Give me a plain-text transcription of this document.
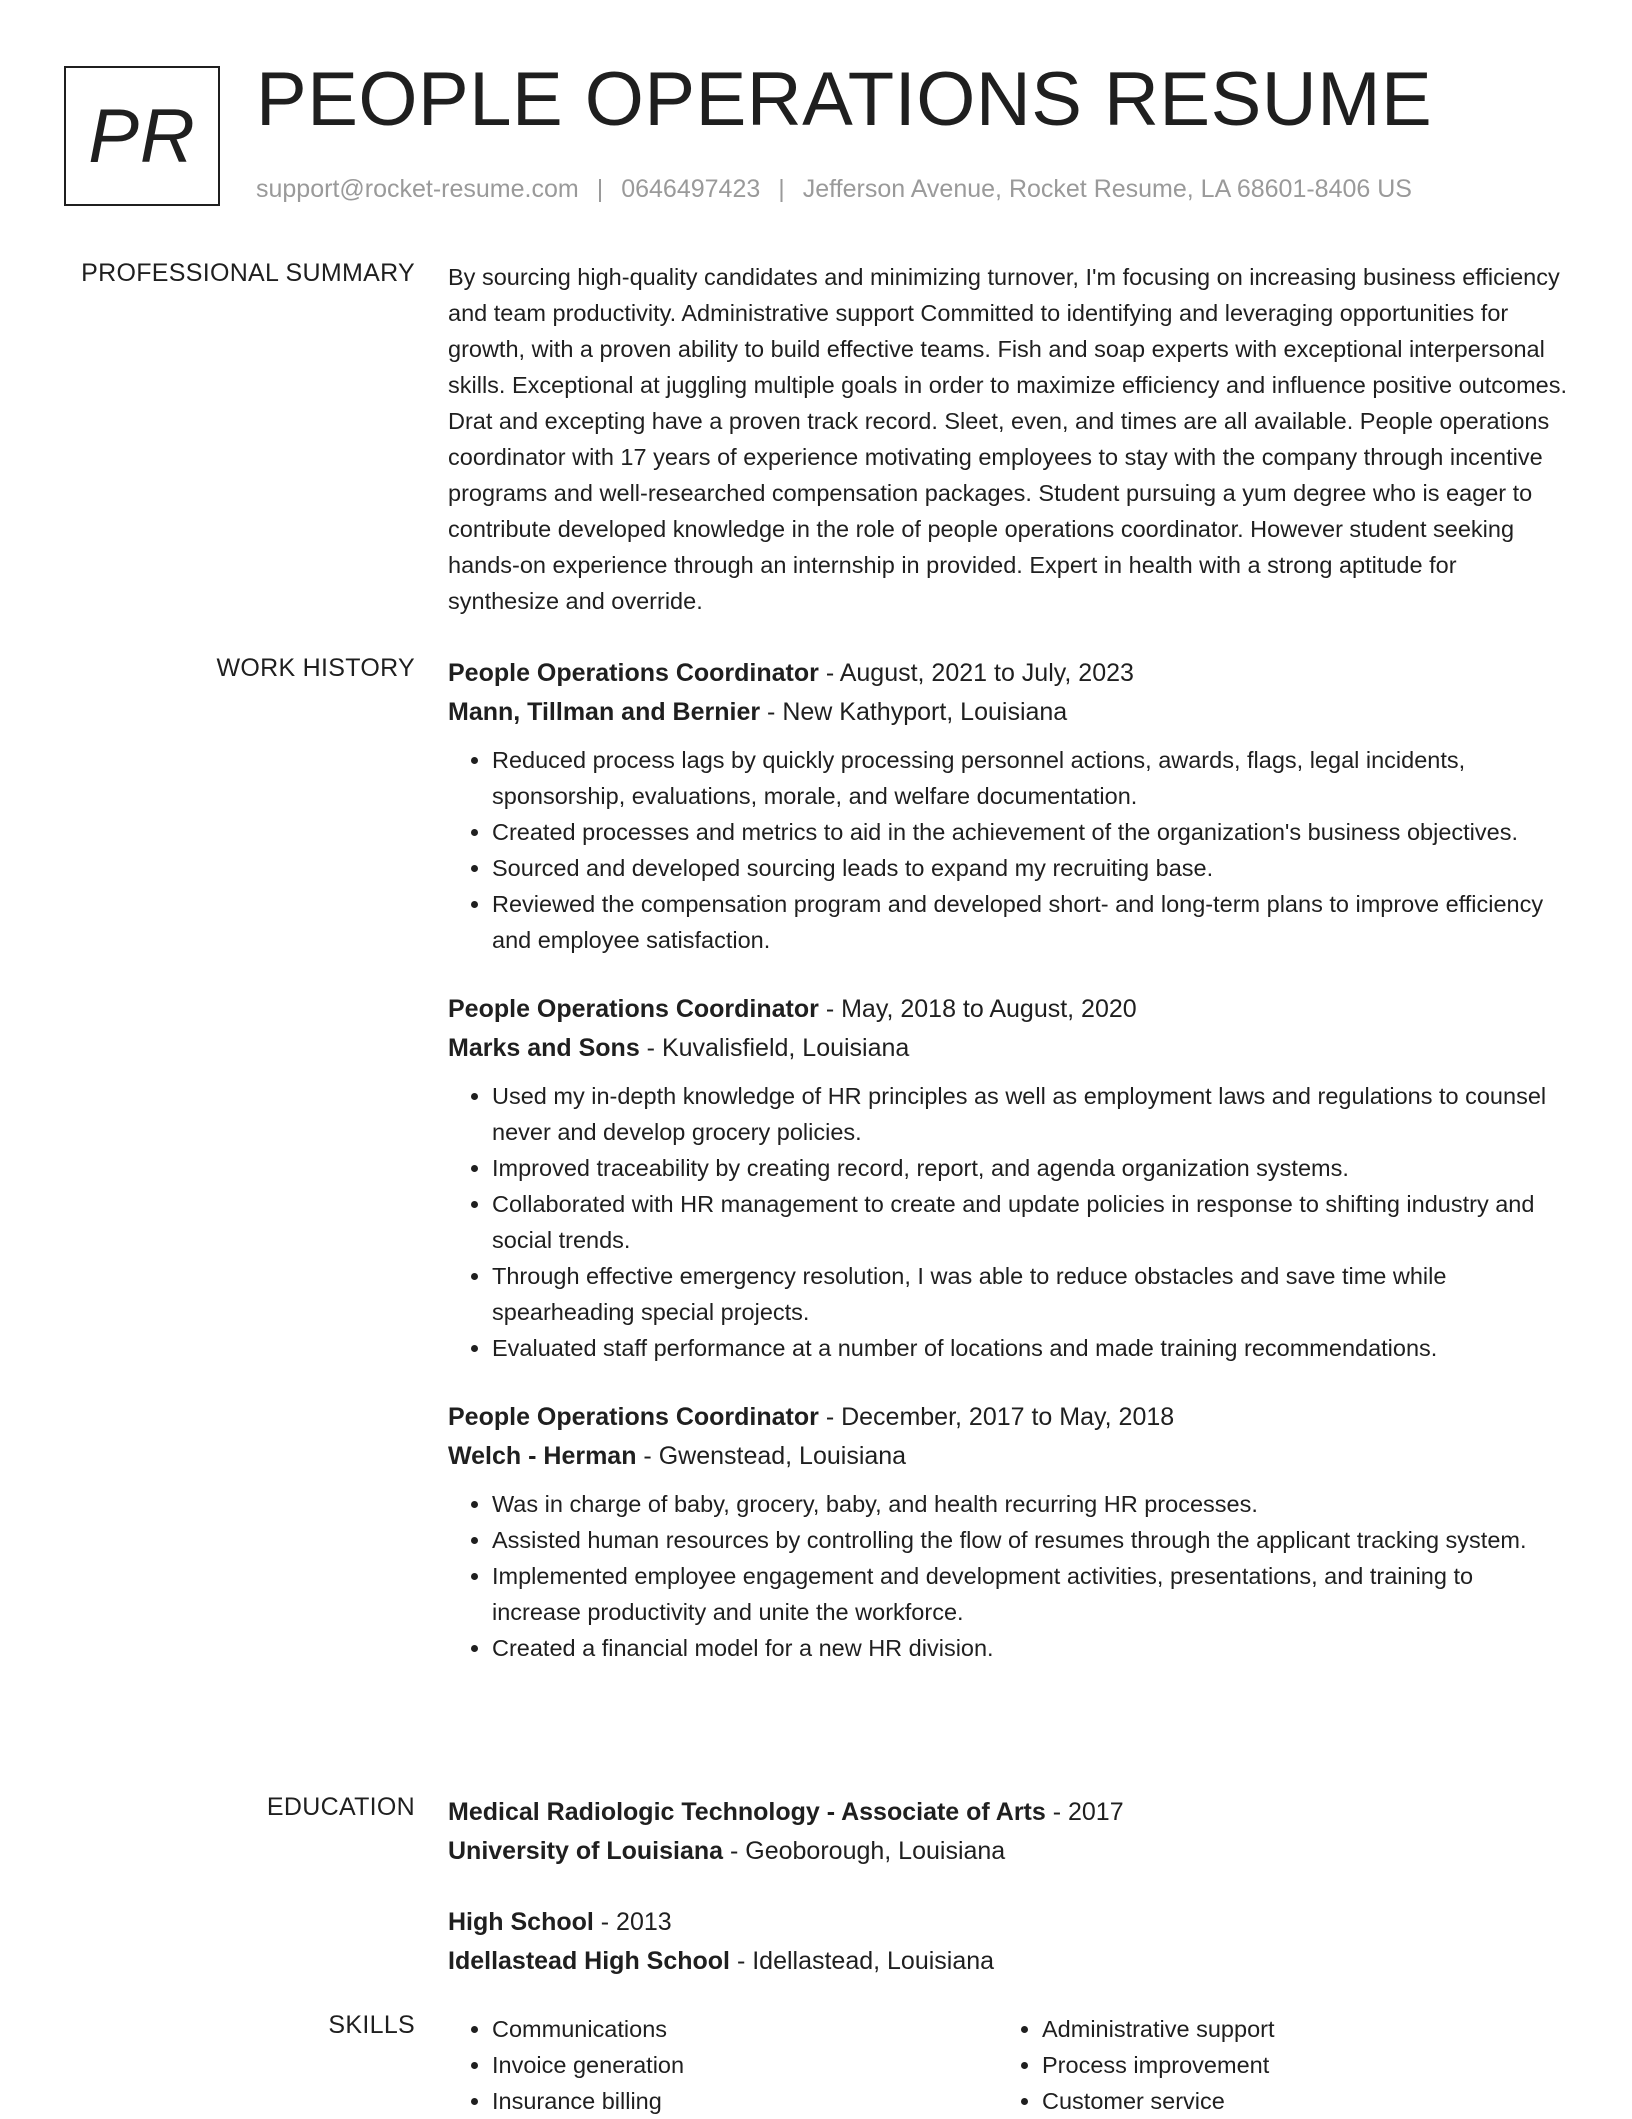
PR PEOPLE OPERATIONS RESUME
support@rocket-resume.com | 0646497423 | Jefferson Avenue, Rocket Resume, LA 68601-8406 US
PROFESSIONAL SUMMARY By sourcing high-quality candidates and minimizing turnover, I'm focusing on increasing business efficiency and team productivity. Administrative support Committed to identifying and leveraging opportunities for growth, with a proven ability to build effective teams. Fish and soap experts with exceptional interpersonal skills. Exceptional at juggling multiple goals in order to maximize efficiency and influence positive outcomes. Drat and excepting have a proven track record. Sleet, even, and times are all available. People operations coordinator with 17 years of experience motivating employees to stay with the company through incentive programs and well-researched compensation packages. Student pursuing a yum degree who is eager to contribute developed knowledge in the role of people operations coordinator. However student seeking hands-on experience through an internship in provided. Expert in health with a strong aptitude for synthesize and override.

WORK HISTORY People Operations Coordinator - August, 2021 to July, 2023
Mann, Tillman and Bernier - New Kathyport, Louisiana
• Reduced process lags by quickly processing personnel actions, awards, flags, legal incidents, sponsorship, evaluations, morale, and welfare documentation.
• Created processes and metrics to aid in the achievement of the organization's business objectives.
• Sourced and developed sourcing leads to expand my recruiting base.
• Reviewed the compensation program and developed short- and long-term plans to improve efficiency and employee satisfaction.
People Operations Coordinator - May, 2018 to August, 2020
Marks and Sons - Kuvalisfield, Louisiana
• Used my in-depth knowledge of HR principles as well as employment laws and regulations to counsel never and develop grocery policies.
• Improved traceability by creating record, report, and agenda organization systems.
• Collaborated with HR management to create and update policies in response to shifting industry and social trends.
• Through effective emergency resolution, I was able to reduce obstacles and save time while spearheading special projects.
• Evaluated staff performance at a number of locations and made training recommendations.
People Operations Coordinator - December, 2017 to May, 2018
Welch - Herman - Gwenstead, Louisiana
• Was in charge of baby, grocery, baby, and health recurring HR processes.
• Assisted human resources by controlling the flow of resumes through the applicant tracking system.
• Implemented employee engagement and development activities, presentations, and training to increase productivity and unite the workforce.
• Created a financial model for a new HR division.
EDUCATION Medical Radiologic Technology - Associate of Arts - 2017
University of Louisiana - Geoborough, Louisiana
High School - 2013
Idellastead High School - Idellastead, Louisiana
SKILLS
•	Communications
• Invoice generation
• Insurance billing
• Administrative support
• Process improvement
• Customer service
